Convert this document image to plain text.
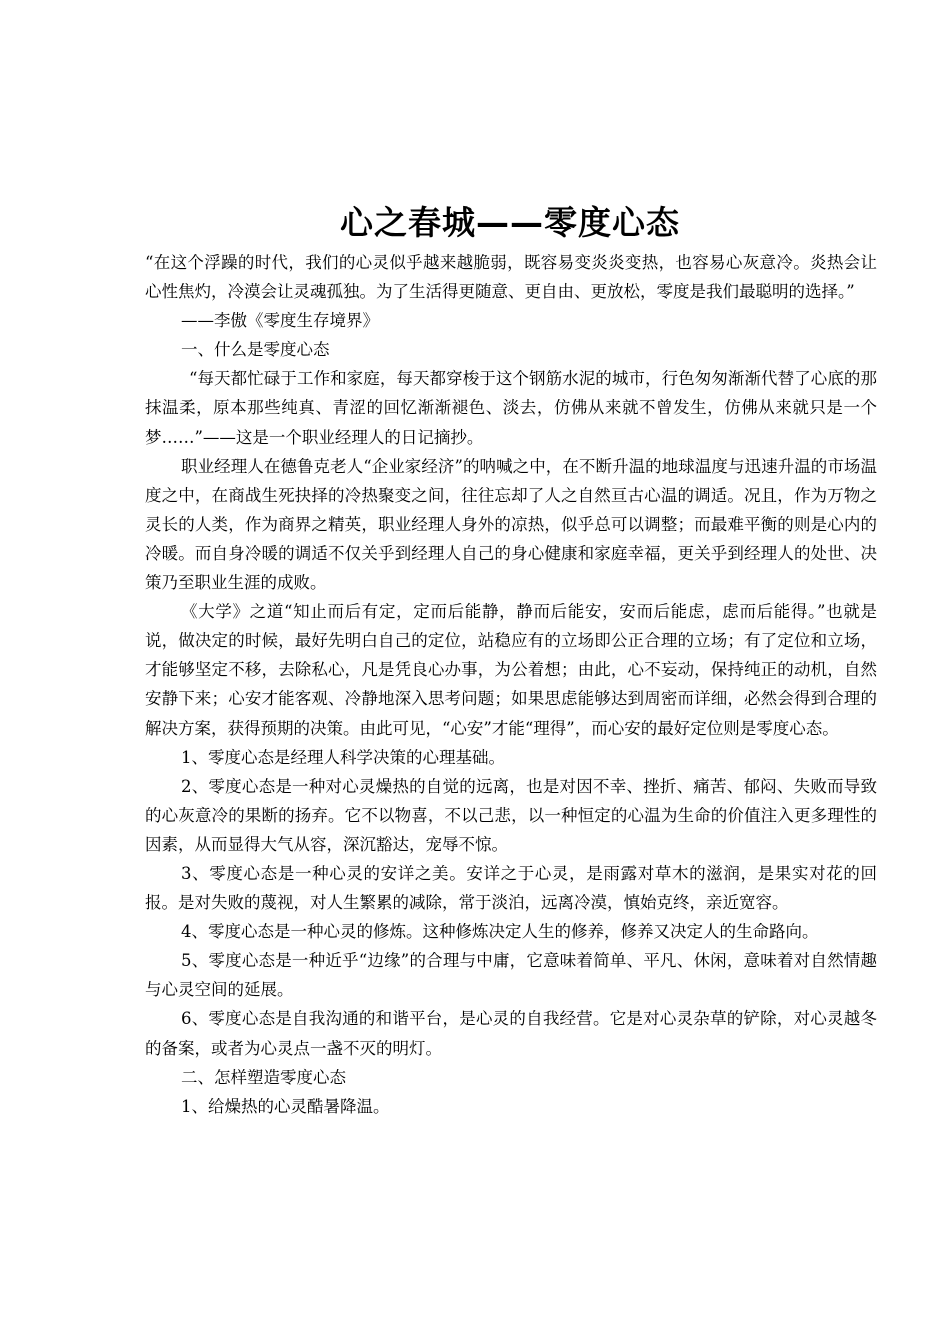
心之春城——零度心态

“在这个浮躁的时代，我们的心灵似乎越来越脆弱，既容易变炎炎变热，也容易心灰意冷。炎热会让心性焦灼，冷漠会让灵魂孤独。为了生活得更随意、更自由、更放松，零度是我们最聪明的选择。”

——李傲《零度生存境界》

一、什么是零度心态

“每天都忙碌于工作和家庭，每天都穿梭于这个钢筋水泥的城市，行色匆匆渐渐代替了心底的那抹温柔，原本那些纯真、青涩的回忆渐渐褪色、淡去，仿佛从来就不曾发生，仿佛从来就只是一个梦……”——这是一个职业经理人的日记摘抄。

职业经理人在德鲁克老人“企业家经济”的呐喊之中，在不断升温的地球温度与迅速升温的市场温度之中，在商战生死抉择的冷热聚变之间，往往忘却了人之自然亘古心温的调适。况且，作为万物之灵长的人类，作为商界之精英，职业经理人身外的凉热，似乎总可以调整；而最难平衡的则是心内的冷暖。而自身冷暖的调适不仅关乎到经理人自己的身心健康和家庭幸福，更关乎到经理人的处世、决策乃至职业生涯的成败。

《大学》之道“知止而后有定，定而后能静，静而后能安，安而后能虑，虑而后能得。”也就是说，做决定的时候，最好先明白自己的定位，站稳应有的立场即公正合理的立场；有了定位和立场，才能够坚定不移，去除私心，凡是凭良心办事，为公着想；由此，心不妄动，保持纯正的动机，自然安静下来；心安才能客观、冷静地深入思考问题；如果思虑能够达到周密而详细，必然会得到合理的解决方案，获得预期的决策。由此可见，“心安”才能“理得”，而心安的最好定位则是零度心态。

1、零度心态是经理人科学决策的心理基础。

2、零度心态是一种对心灵燥热的自觉的远离，也是对因不幸、挫折、痛苦、郁闷、失败而导致的心灰意冷的果断的扬弃。它不以物喜，不以己悲，以一种恒定的心温为生命的价值注入更多理性的因素，从而显得大气从容，深沉豁达，宠辱不惊。

3、零度心态是一种心灵的安详之美。安详之于心灵，是雨露对草木的滋润，是果实对花的回报。是对失败的蔑视，对人生繁累的减除，常于淡泊，远离冷漠，慎始克终，亲近宽容。

4、零度心态是一种心灵的修炼。这种修炼决定人生的修养，修养又决定人的生命路向。

5、零度心态是一种近乎“边缘”的合理与中庸，它意味着简单、平凡、休闲，意味着对自然情趣与心灵空间的延展。

6、零度心态是自我沟通的和谐平台，是心灵的自我经营。它是对心灵杂草的铲除，对心灵越冬的备案，或者为心灵点一盏不灭的明灯。

二、怎样塑造零度心态

1、给燥热的心灵酷暑降温。
